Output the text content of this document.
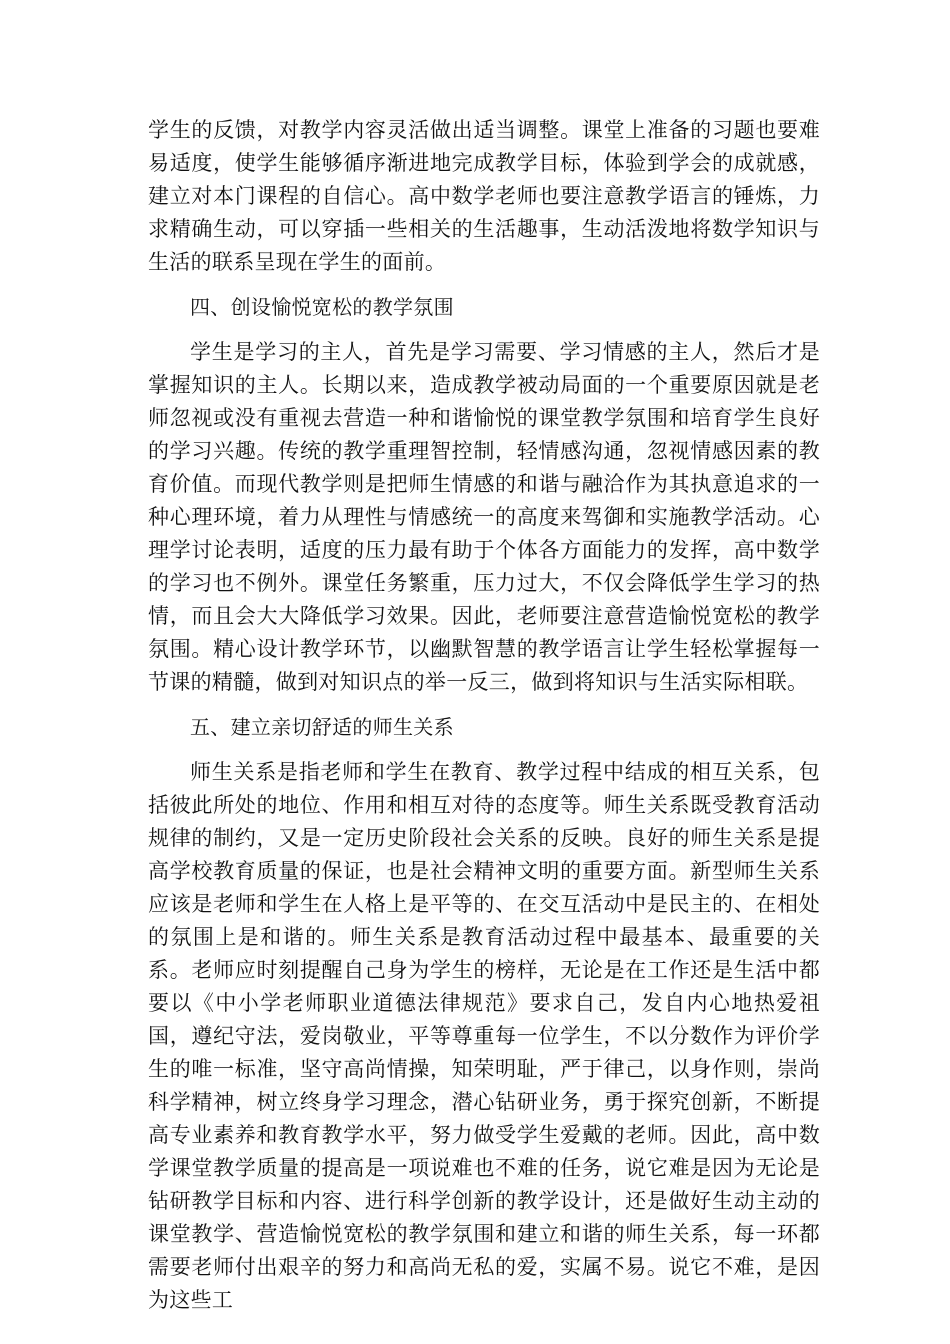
学生的反馈，对教学内容灵活做出适当调整。课堂上准备的习题也要难易适度，使学生能够循序渐进地完成教学目标，体验到学会的成就感，建立对本门课程的自信心。高中数学老师也要注意教学语言的锤炼，力求精确生动，可以穿插一些相关的生活趣事，生动活泼地将数学知识与生活的联系呈现在学生的面前。

四、创设愉悦宽松的教学氛围

学生是学习的主人，首先是学习需要、学习情感的主人，然后才是掌握知识的主人。长期以来，造成教学被动局面的一个重要原因就是老师忽视或没有重视去营造一种和谐愉悦的课堂教学氛围和培育学生良好的学习兴趣。传统的教学重理智控制，轻情感沟通，忽视情感因素的教育价值。而现代教学则是把师生情感的和谐与融洽作为其执意追求的一种心理环境，着力从理性与情感统一的高度来驾御和实施教学活动。心理学讨论表明，适度的压力最有助于个体各方面能力的发挥，高中数学的学习也不例外。课堂任务繁重，压力过大，不仅会降低学生学习的热情，而且会大大降低学习效果。因此，老师要注意营造愉悦宽松的教学氛围。精心设计教学环节，以幽默智慧的教学语言让学生轻松掌握每一节课的精髓，做到对知识点的举一反三，做到将知识与生活实际相联。

五、建立亲切舒适的师生关系

师生关系是指老师和学生在教育、教学过程中结成的相互关系，包括彼此所处的地位、作用和相互对待的态度等。师生关系既受教育活动规律的制约，又是一定历史阶段社会关系的反映。良好的师生关系是提高学校教育质量的保证，也是社会精神文明的重要方面。新型师生关系应该是老师和学生在人格上是平等的、在交互活动中是民主的、在相处的氛围上是和谐的。师生关系是教育活动过程中最基本、最重要的关系。老师应时刻提醒自己身为学生的榜样，无论是在工作还是生活中都要以《中小学老师职业道德法律规范》要求自己，发自内心地热爱祖国，遵纪守法，爱岗敬业，平等尊重每一位学生，不以分数作为评价学生的唯一标准，坚守高尚情操，知荣明耻，严于律己，以身作则，崇尚科学精神，树立终身学习理念，潜心钻研业务，勇于探究创新，不断提高专业素养和教育教学水平，努力做受学生爱戴的老师。因此，高中数学课堂教学质量的提高是一项说难也不难的任务，说它难是因为无论是钻研教学目标和内容、进行科学创新的教学设计，还是做好生动主动的课堂教学、营造愉悦宽松的教学氛围和建立和谐的师生关系，每一环都需要老师付出艰辛的努力和高尚无私的爱，实属不易。说它不难，是因为这些工
